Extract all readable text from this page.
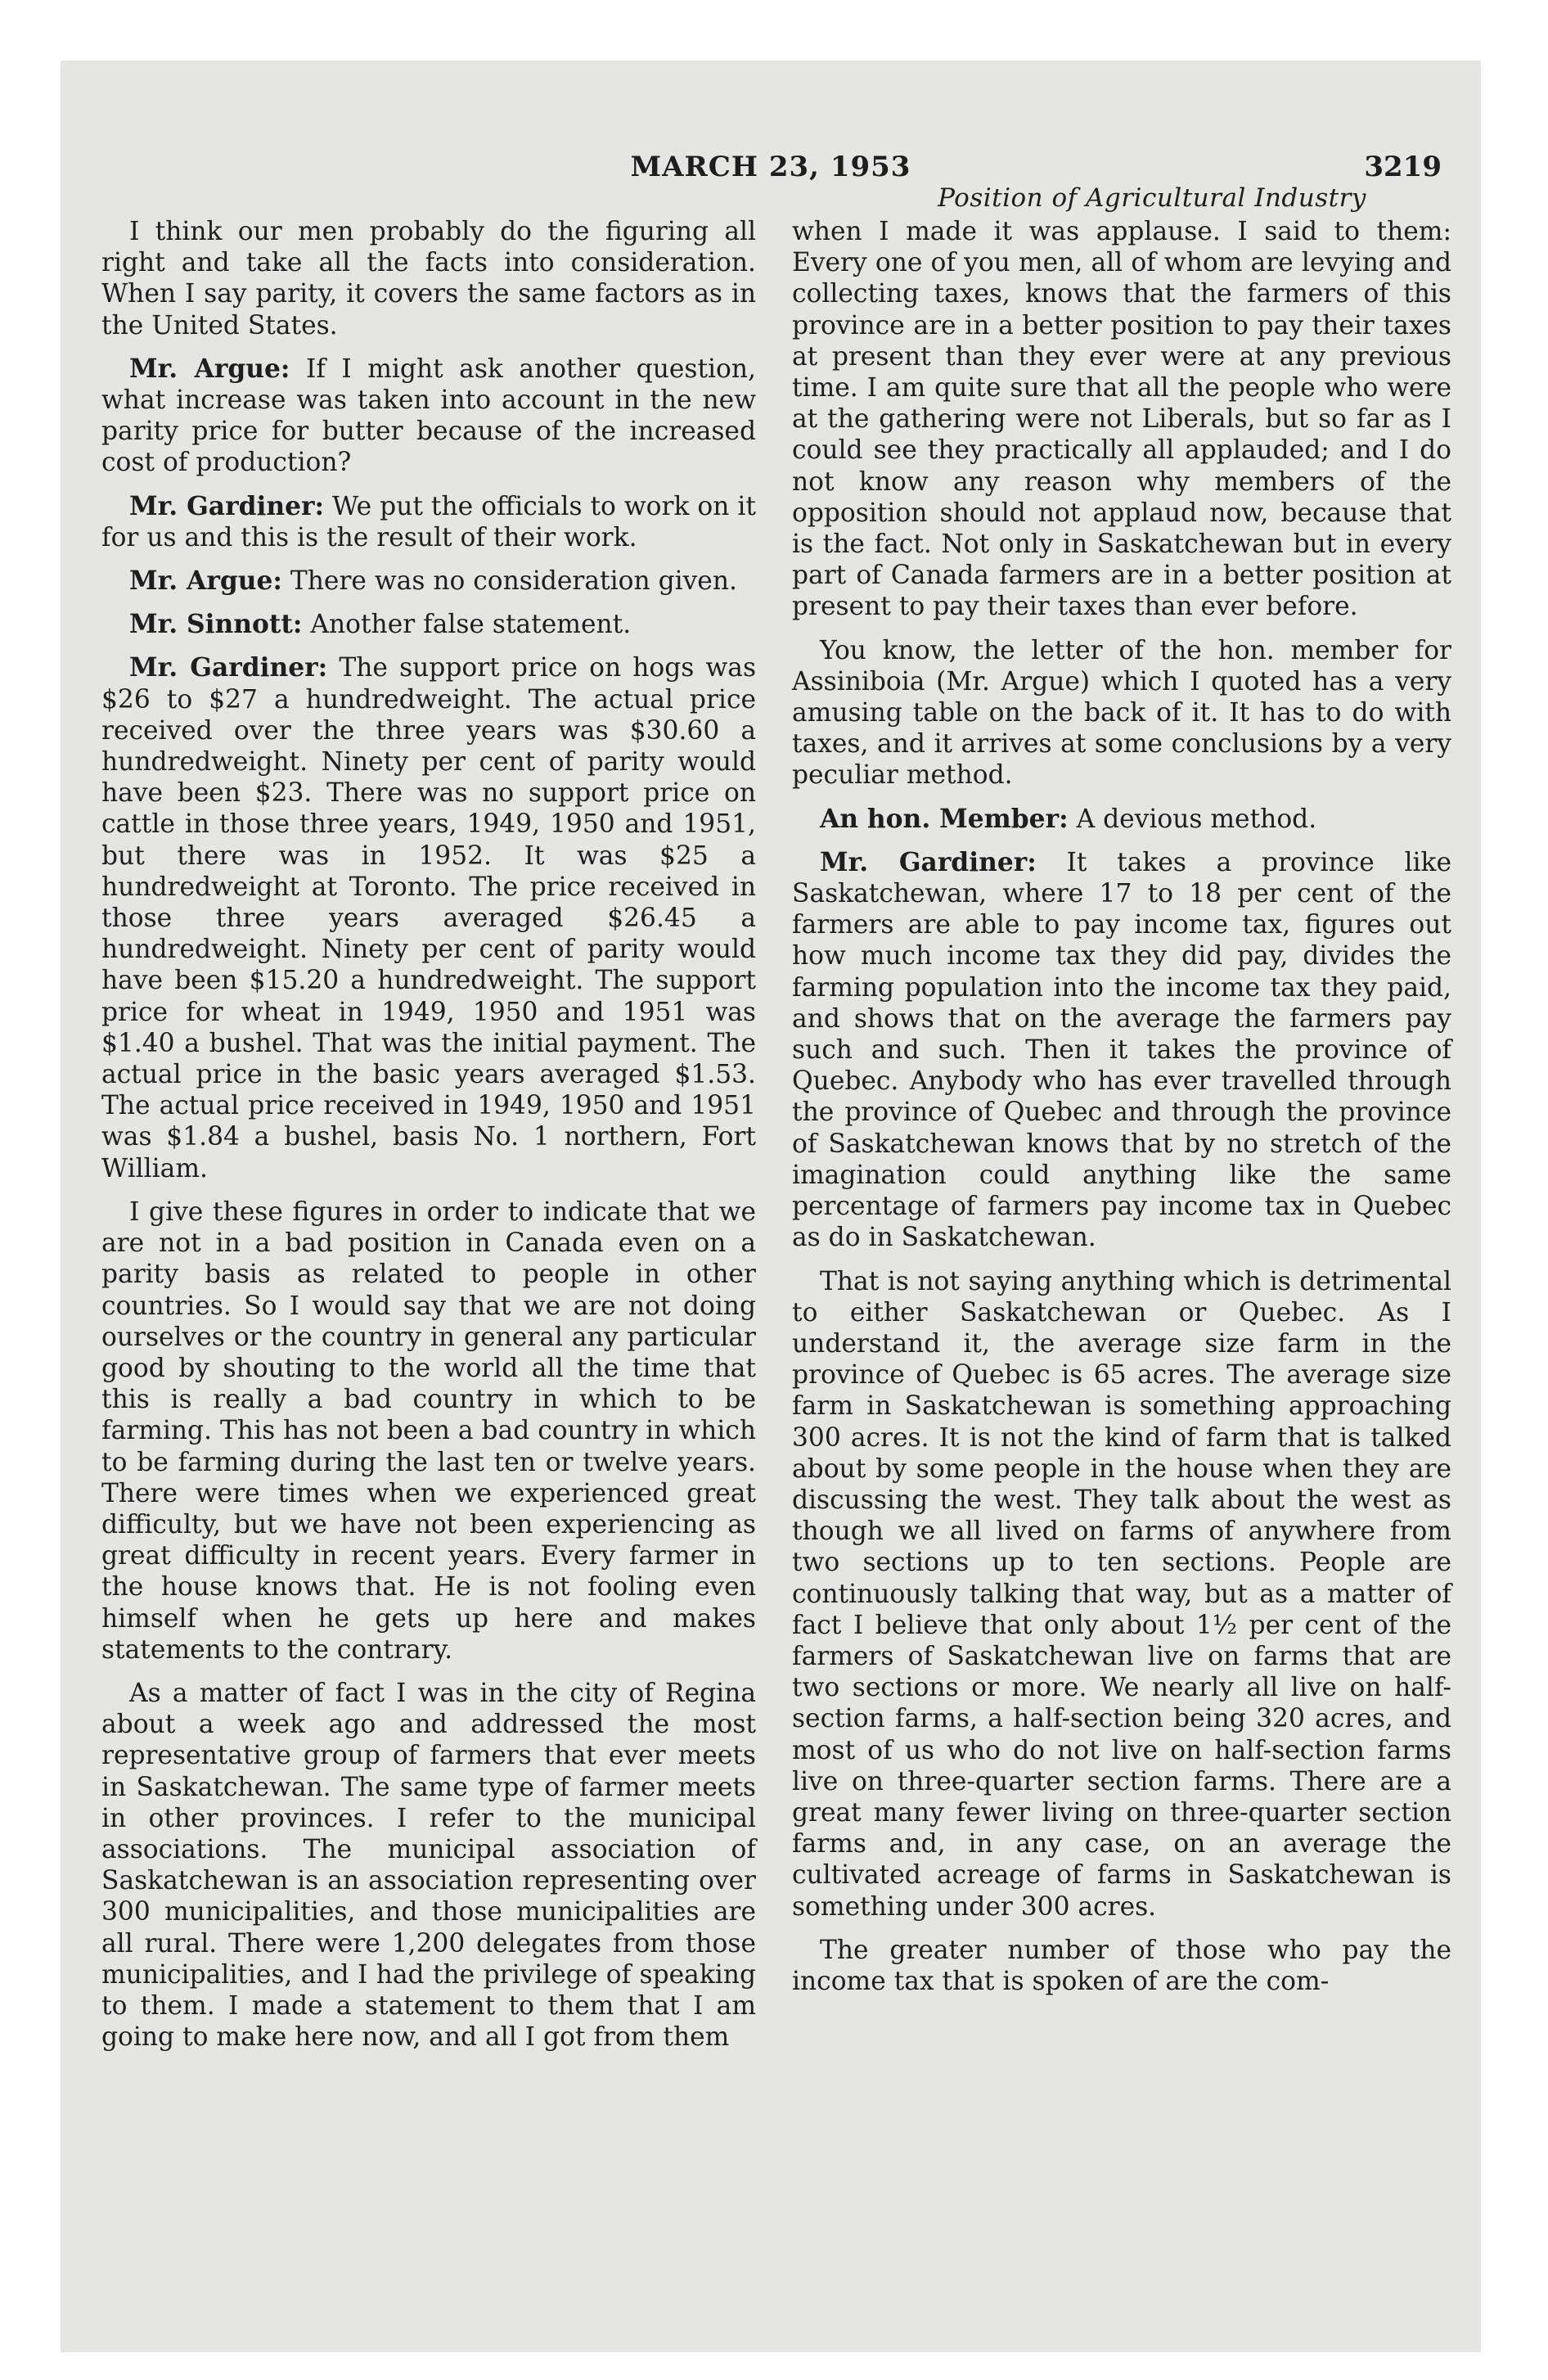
MARCH 23, 1953	3219
Position of Agricultural Industry

I think our men probably do the figuring all right and take all the facts into consideration. When I say parity, it covers the same factors as in the United States.

Mr. Argue: If I might ask another question, what increase was taken into account in the new parity price for butter because of the increased cost of production?

Mr. Gardiner: We put the officials to work on it for us and this is the result of their work.

Mr. Argue: There was no consideration given.

Mr. Sinnott: Another false statement.

Mr. Gardiner: The support price on hogs was $26 to $27 a hundredweight. The actual price received over the three years was $30.60 a hundredweight. Ninety per cent of parity would have been $23. There was no support price on cattle in those three years, 1949, 1950 and 1951, but there was in 1952. It was $25 a hundredweight at Toronto. The price received in those three years averaged $26.45 a hundredweight. Ninety per cent of parity would have been $15.20 a hundredweight. The support price for wheat in 1949, 1950 and 1951 was $1.40 a bushel. That was the initial payment. The actual price in the basic years averaged $1.53. The actual price received in 1949, 1950 and 1951 was $1.84 a bushel, basis No. 1 northern, Fort William.

I give these figures in order to indicate that we are not in a bad position in Canada even on a parity basis as related to people in other countries. So I would say that we are not doing ourselves or the country in general any particular good by shouting to the world all the time that this is really a bad country in which to be farming. This has not been a bad country in which to be farming during the last ten or twelve years. There were times when we experienced great difficulty, but we have not been experiencing as great difficulty in recent years. Every farmer in the house knows that. He is not fooling even himself when he gets up here and makes statements to the contrary.

As a matter of fact I was in the city of Regina about a week ago and addressed the most representative group of farmers that ever meets in Saskatchewan. The same type of farmer meets in other provinces. I refer to the municipal associations. The municipal association of Saskatchewan is an association representing over 300 municipalities, and those municipalities are all rural. There were 1,200 delegates from those municipalities, and I had the privilege of speaking to them. I made a statement to them that I am going to make here now, and all I got from them

when I made it was applause. I said to them: Every one of you men, all of whom are levying and collecting taxes, knows that the farmers of this province are in a better position to pay their taxes at present than they ever were at any previous time. I am quite sure that all the people who were at the gathering were not Liberals, but so far as I could see they practically all applauded; and I do not know any reason why members of the opposition should not applaud now, because that is the fact. Not only in Saskatchewan but in every part of Canada farmers are in a better position at present to pay their taxes than ever before.

You know, the letter of the hon. member for Assiniboia (Mr. Argue) which I quoted has a very amusing table on the back of it. It has to do with taxes, and it arrives at some conclusions by a very peculiar method.

An hon. Member: A devious method.

Mr. Gardiner: It takes a province like Saskatchewan, where 17 to 18 per cent of the farmers are able to pay income tax, figures out how much income tax they did pay, divides the farming population into the income tax they paid, and shows that on the average the farmers pay such and such. Then it takes the province of Quebec. Anybody who has ever travelled through the province of Quebec and through the province of Saskatchewan knows that by no stretch of the imagination could anything like the same percentage of farmers pay income tax in Quebec as do in Saskatchewan.

That is not saying anything which is detrimental to either Saskatchewan or Quebec. As I understand it, the average size farm in the province of Quebec is 65 acres. The average size farm in Saskatchewan is something approaching 300 acres. It is not the kind of farm that is talked about by some people in the house when they are discussing the west. They talk about the west as though we all lived on farms of anywhere from two sections up to ten sections. People are continuously talking that way, but as a matter of fact I believe that only about 1½ per cent of the farmers of Saskatchewan live on farms that are two sections or more. We nearly all live on half-section farms, a half-section being 320 acres, and most of us who do not live on half-section farms live on three-quarter section farms. There are a great many fewer living on three-quarter section farms and, in any case, on an average the cultivated acreage of farms in Saskatchewan is something under 300 acres.

The greater number of those who pay the income tax that is spoken of are the com-
